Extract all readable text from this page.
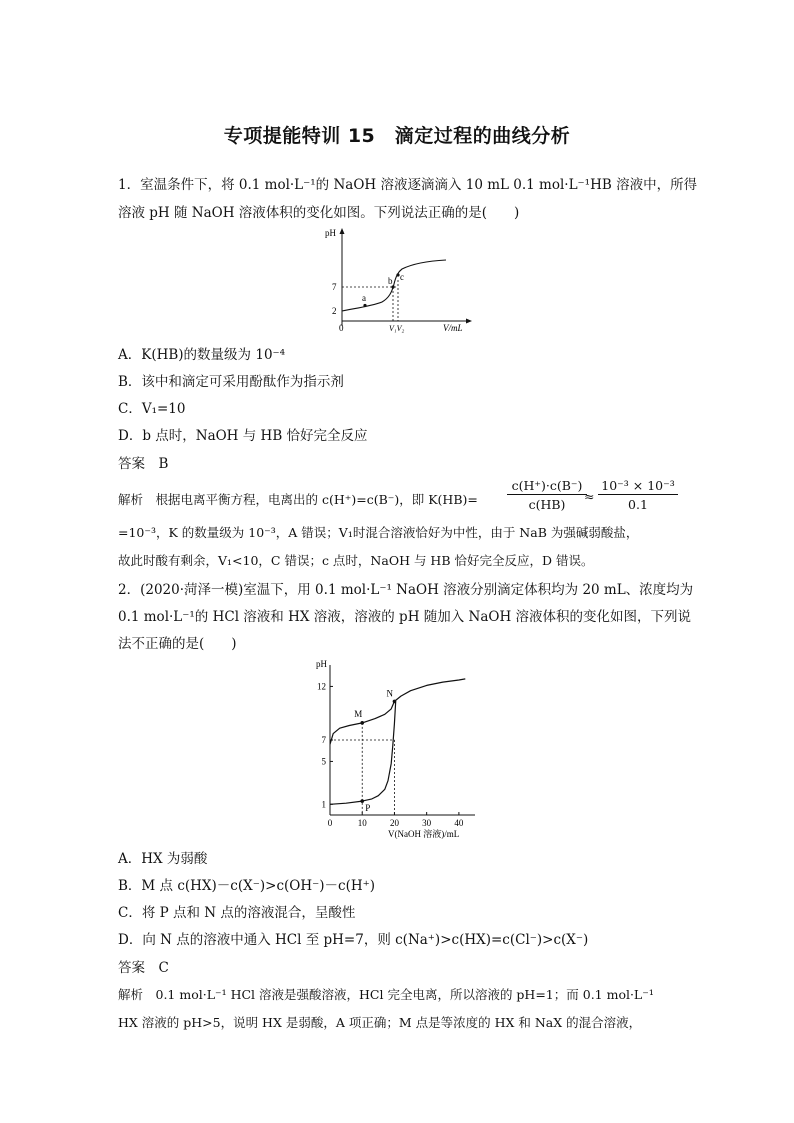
专项提能特训 15　滴定过程的曲线分析
1．室温条件下，将 0.1 mol·L⁻¹的 NaOH 溶液逐滴滴入 10 mL 0.1 mol·L⁻¹HB 溶液中，所得
溶液 pH 随 NaOH 溶液体积的变化如图。下列说法正确的是(　　)
pH
V/mL
0
7
2
V₁V₂
a
b c
A．K(HB)的数量级为 10⁻⁴
B．该中和滴定可采用酚酞作为指示剂
C．V₁=10
D．b 点时，NaOH 与 HB 恰好完全反应
答案　B
解析　根据电离平衡方程，电离出的 c(H⁺)=c(B⁻)，即 $K(HB)= \frac{c(H^+)\cdot c(B^-)}{c(HB)}$
≈ $\frac{\text{10⁻³ × 10⁻³}}{0.1}$
=10⁻³，K 的数量级为 10⁻³，A 错误；V₁时混合溶液恰好为中性，由于 NaB 为强碱弱酸盐，
故此时酸有剩余，V₁<10，C 错误；c 点时，NaOH 与 HB 恰好完全反应，D 错误。
2．(2020·菏泽一模)室温下，用 0.1 mol·L⁻¹ NaOH 溶液分别滴定体积均为 20 mL、浓度均为
0.1 mol·L⁻¹的 HCl 溶液和 HX 溶液，溶液的 pH 随加入 NaOH 溶液体积的变化如图，下列说
法不正确的是(　　)
pH
V(NaOH 溶液)/mL
0	10	20	30	40
1
5
7
12
M
N
P
A．HX 为弱酸
B．M 点 c(HX)－c(X⁻)>c(OH⁻)－c(H⁺)
C．将 P 点和 N 点的溶液混合，呈酸性
D．向 N 点的溶液中通入 HCl 至 pH=7，则 c(Na⁺)>c(HX)=c(Cl⁻)>c(X⁻)
答案　C
解析　0.1 mol·L⁻¹ HCl 溶液是强酸溶液，HCl 完全电离，所以溶液的 pH=1；而 0.1 mol·L⁻¹
HX 溶液的 pH>5，说明 HX 是弱酸，A 项正确；M 点是等浓度的 HX 和 NaX 的混合溶液，
